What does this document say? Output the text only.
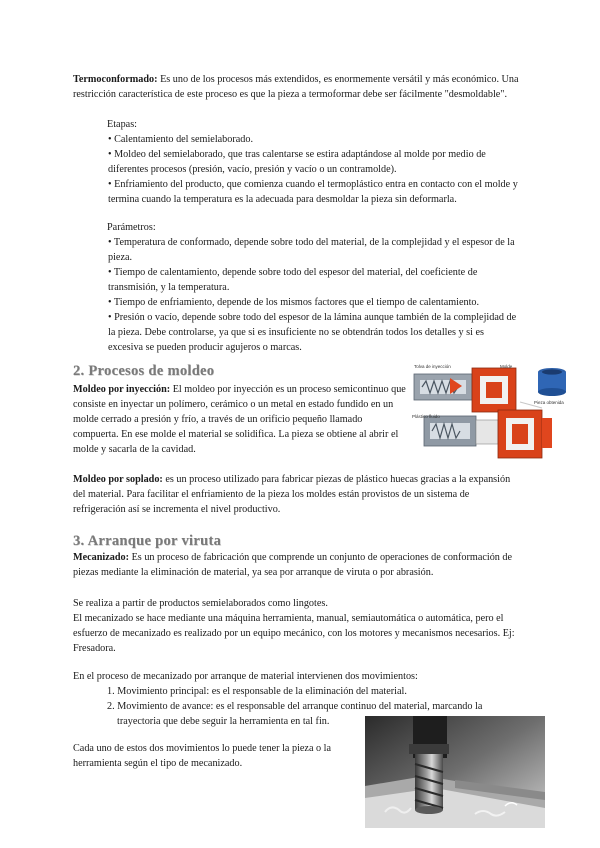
Termoconformado: Es uno de los procesos más extendidos, es enormemente versátil y más económico. Una restricción característica de este proceso es que la pieza a termoformar debe ser fácilmente "desmoldable".

Etapas:

• Calentamiento del semielaborado.
• Moldeo del semielaborado, que tras calentarse se estira adaptándose al molde por medio de diferentes procesos (presión, vacío, presión y vacío o un contramolde).
• Enfriamiento del producto, que comienza cuando el termoplástico entra en contacto con el molde y termina cuando la temperatura es la adecuada para desmoldar la pieza sin deformarla.

Parámetros:

• Temperatura de conformado, depende sobre todo del material, de la complejidad y el espesor de la pieza.
• Tiempo de calentamiento, depende sobre todo del espesor del material, del coeficiente de transmisión, y la temperatura.
• Tiempo de enfriamiento, depende de los mismos factores que el tiempo de calentamiento.
• Presión o vacío, depende sobre todo del espesor de la lámina aunque también de la complejidad de la pieza. Debe controlarse, ya que si es insuficiente no se obtendrán todos los detalles y si es excesiva se pueden producir agujeros o marcas.
2. Procesos de moldeo

Moldeo por inyección: El moldeo por inyección es un proceso semicontinuo que consiste en inyectar un polímero, cerámico o un metal en estado fundido en un molde cerrado a presión y frío, a través de un orificio pequeño llamado compuerta. En ese molde el material se solidifica. La pieza se obtiene al abrir el molde y sacarla de la cavidad.

Tolva de inyección	Molde
Pieza obtenida
Plástico fluido

Moldeo por soplado: es un proceso utilizado para fabricar piezas de plástico huecas gracias a la expansión del material. Para facilitar el enfriamiento de la pieza los moldes están provistos de un sistema de refrigeración así se incrementa el nivel productivo.

3. Arranque por viruta

Mecanizado: Es un proceso de fabricación que comprende un conjunto de operaciones de conformación de piezas mediante la eliminación de material, ya sea por arranque de viruta o por abrasión.

Se realiza a partir de productos semielaborados como lingotes.

El mecanizado se hace mediante una máquina herramienta, manual, semiautomática o automática, pero el esfuerzo de mecanizado es realizado por un equipo mecánico, con los motores y mecanismos necesarios. Ej: Fresadora.

En el proceso de mecanizado por arranque de material intervienen dos movimientos:

1. Movimiento principal: es el responsable de la eliminación del material.
2. Movimiento de avance: es el responsable del arranque continuo del material, marcando la
trayectoria que debe seguir la herramienta en tal fin.

Cada uno de estos dos movimientos lo puede tener la pieza o la herramienta según el tipo de mecanizado.
